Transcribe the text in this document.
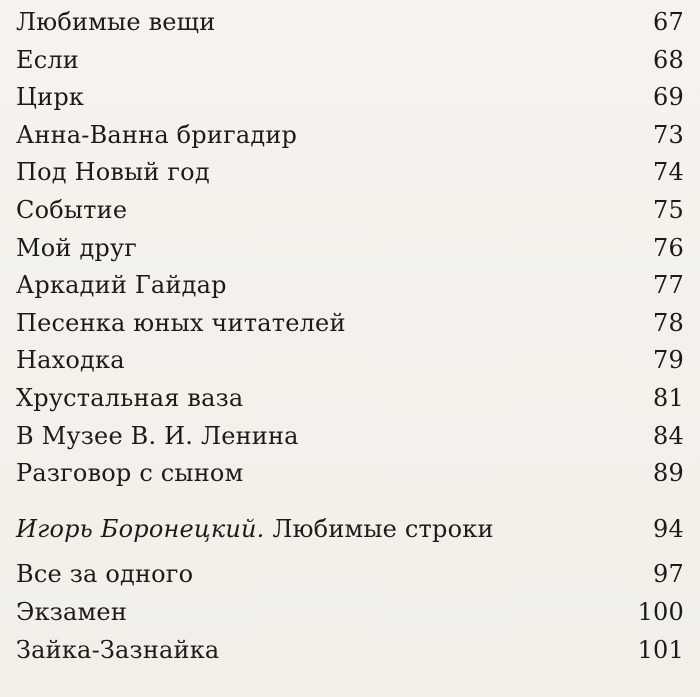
Любимые вещи	67
Если	68
Цирк	69
Анна-Ванна бригадир	73
Под Новый год	74
Событие	75
Мой друг	76
Аркадий Гайдар	77
Песенка юных читателей	78
Находка	79
Хрустальная ваза	81
В Музее В. И. Ленина	84
Разговор с сыном	89
Игорь Боронецкий. Любимые строки	94
Все за одного	97
Экзамен	100
Зайка-Зазнайка	101
